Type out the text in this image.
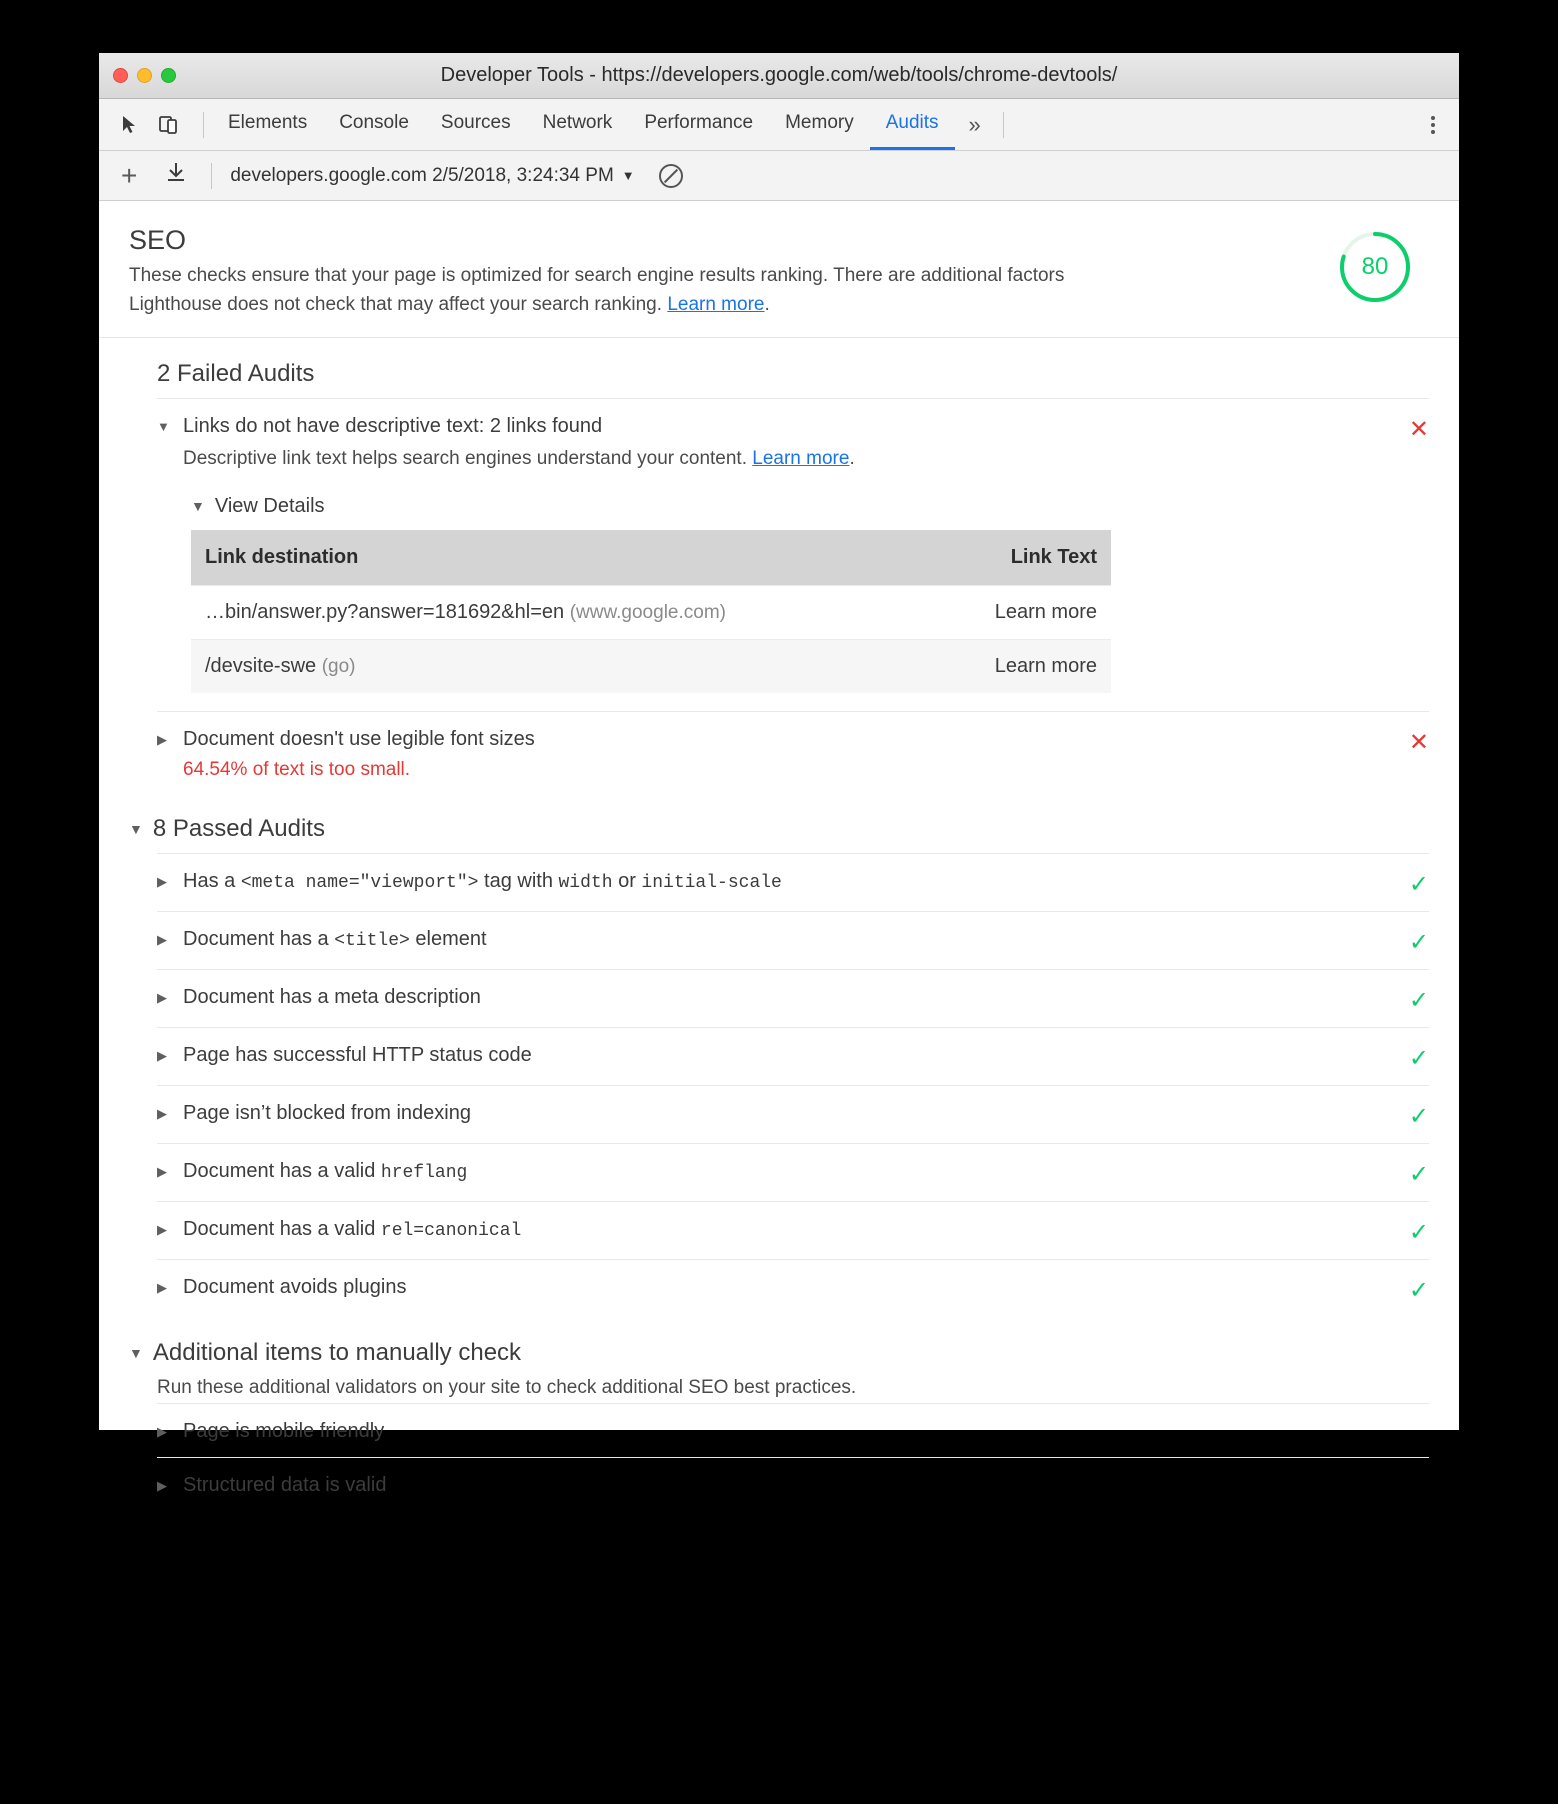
Developer Tools - https://developers.google.com/web/tools/chrome-devtools/
Elements Console Sources Network Performance Memory Audits	»
+	developers.google.com 2/5/2018, 3:24:34 PM ▼
SEO

These checks ensure that your page is optimized for search engine results ranking. There are additional factors Lighthouse does not check that may affect your search ranking. Learn more.

80
2 Failed Audits
▼ Links do not have descriptive text: 2 links found
Descriptive link text helps search engines understand your content. Learn more.
▼ View Details
Link destination	Link Text
…bin/answer.py?answer=181692&hl=en (www.google.com)	Learn more
/devsite-swe (go)	Learn more
✕
▶ Document doesn't use legible font sizes
64.54% of text is too small.
✕
▼ 8 Passed Audits
▶ Has a <meta name="viewport"> tag with width or initial-scale	✓
▶ Document has a <title> element	✓
▶ Document has a meta description	✓
▶ Page has successful HTTP status code	✓
▶ Page isn’t blocked from indexing	✓
▶ Document has a valid hreflang	✓
▶ Document has a valid rel=canonical	✓
▶ Document avoids plugins	✓
▼ Additional items to manually check
Run these additional validators on your site to check additional SEO best practices.
▶ Page is mobile friendly
▶ Structured data is valid
